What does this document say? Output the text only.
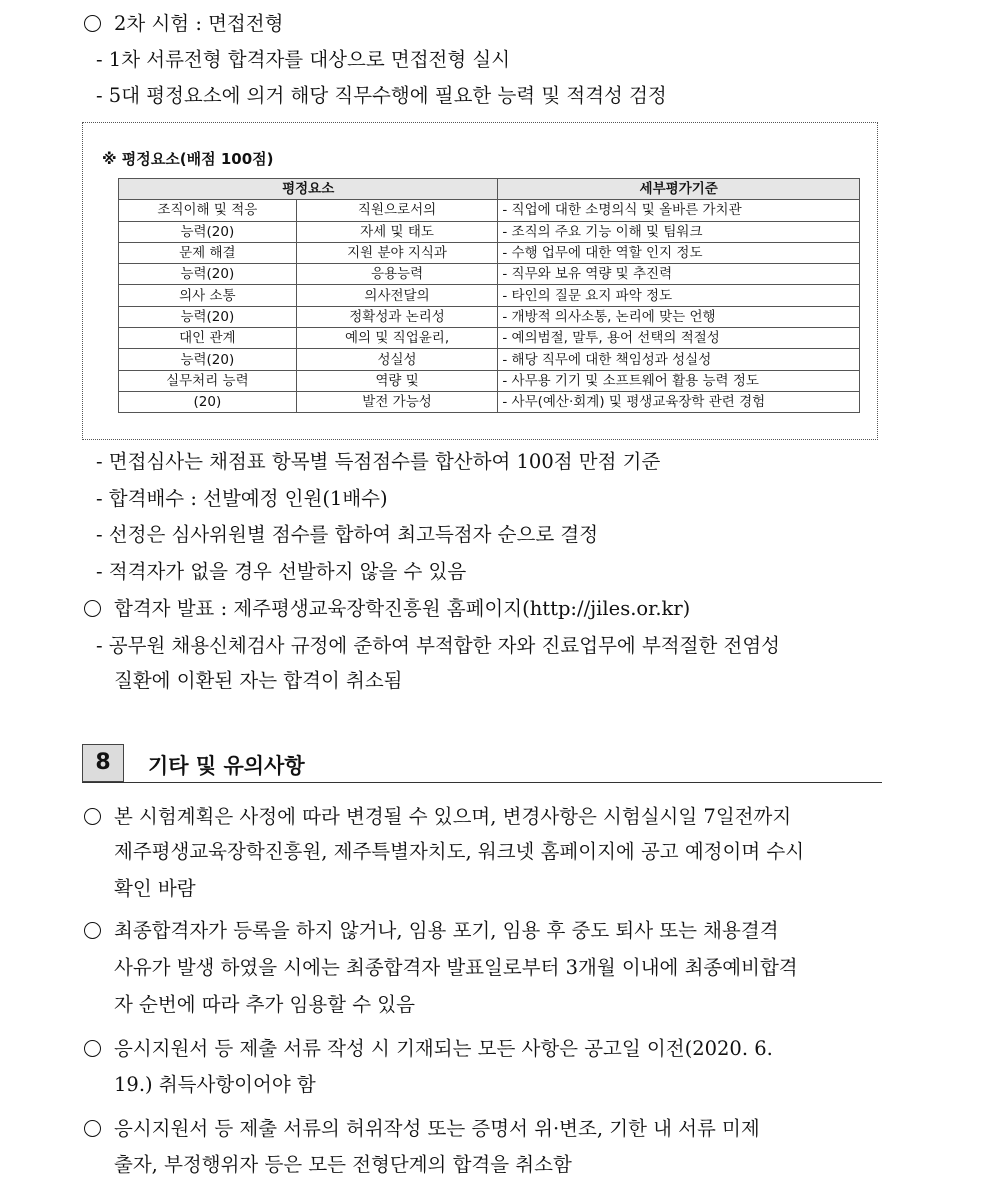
2차 시험 : 면접전형
- 1차 서류전형 합격자를 대상으로 면접전형 실시
- 5대 평정요소에 의거 해당 직무수행에 필요한 능력 및 적격성 검정
※ 평정요소(배점 100점)
평정요소		세부평가기준
조직이해 및 적응	직원으로서의	- 직업에 대한 소명의식 및 올바른 가치관
능력(20)	자세 및 태도	- 조직의 주요 기능 이해 및 팀워크
문제 해결	지원 분야 지식과	- 수행 업무에 대한 역할 인지 정도
능력(20)	응용능력	- 직무와 보유 역량 및 추진력
의사 소통	의사전달의	- 타인의 질문 요지 파악 정도
능력(20)	정확성과 논리성	- 개방적 의사소통, 논리에 맞는 언행
대인 관계	예의 및 직업윤리,	- 예의범절, 말투, 용어 선택의 적절성
능력(20)	성실성	- 해당 직무에 대한 책임성과 성실성
실무처리 능력	역량 및	- 사무용 기기 및 소프트웨어 활용 능력 정도
(20)	발전 가능성	- 사무(예산·회계) 및 평생교육장학 관련 경험
- 면접심사는 채점표 항목별 득점점수를 합산하여 100점 만점 기준
- 합격배수 : 선발예정 인원(1배수)
- 선정은 심사위원별 점수를 합하여 최고득점자 순으로 결정
- 적격자가 없을 경우 선발하지 않을 수 있음
합격자 발표 : 제주평생교육장학진흥원 홈페이지(http://jiles.or.kr)
- 공무원 채용신체검사 규정에 준하여 부적합한 자와 진료업무에 부적절한 전염성
질환에 이환된 자는 합격이 취소됨
8	기타 및 유의사항
본 시험계획은 사정에 따라 변경될 수 있으며, 변경사항은 시험실시일 7일전까지
제주평생교육장학진흥원, 제주특별자치도, 워크넷 홈페이지에 공고 예정이며 수시
확인 바람
최종합격자가 등록을 하지 않거나, 임용 포기, 임용 후 중도 퇴사 또는 채용결격
사유가 발생 하였을 시에는 최종합격자 발표일로부터 3개월 이내에 최종예비합격
자 순번에 따라 추가 임용할 수 있음
응시지원서 등 제출 서류 작성 시 기재되는 모든 사항은 공고일 이전(2020. 6.
19.) 취득사항이어야 함
응시지원서 등 제출 서류의 허위작성 또는 증명서 위·변조, 기한 내 서류 미제
출자, 부정행위자 등은 모든 전형단계의 합격을 취소함
